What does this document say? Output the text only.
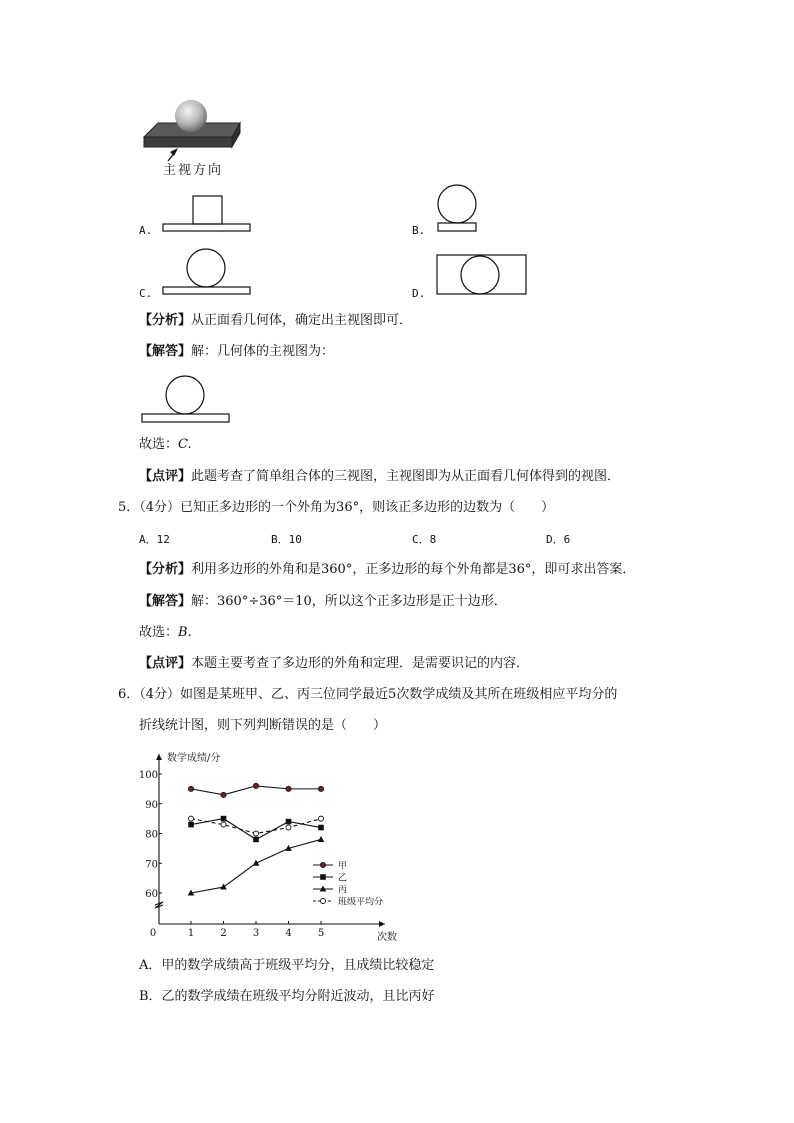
主视方向
A.	B.
C.	D.
【分析】从正面看几何体，确定出主视图即可．
【解答】解：几何体的主视图为：
故选：C.
【点评】此题考查了简单组合体的三视图，主视图即为从正面看几何体得到的视图．
5．（4分）已知正多边形的一个外角为36°，则该正多边形的边数为（　　）
A．12	B．10	C．8	D．6
【分析】利用多边形的外角和是360°，正多边形的每个外角都是36°，即可求出答案．
【解答】解：360°÷36°＝10，所以这个正多边形是正十边形．
故选：B.
【点评】本题主要考查了多边形的外角和定理．是需要识记的内容．
6．（4分）如图是某班甲、乙、丙三位同学最近5次数学成绩及其所在班级相应平均分的
折线统计图，则下列判断错误的是（　　）
数学成绩/分
次数
0
60
70
80
90
100
1	2	3	4	5
甲
乙
丙
班级平均分
A．甲的数学成绩高于班级平均分，且成绩比较稳定
B．乙的数学成绩在班级平均分附近波动，且比丙好
